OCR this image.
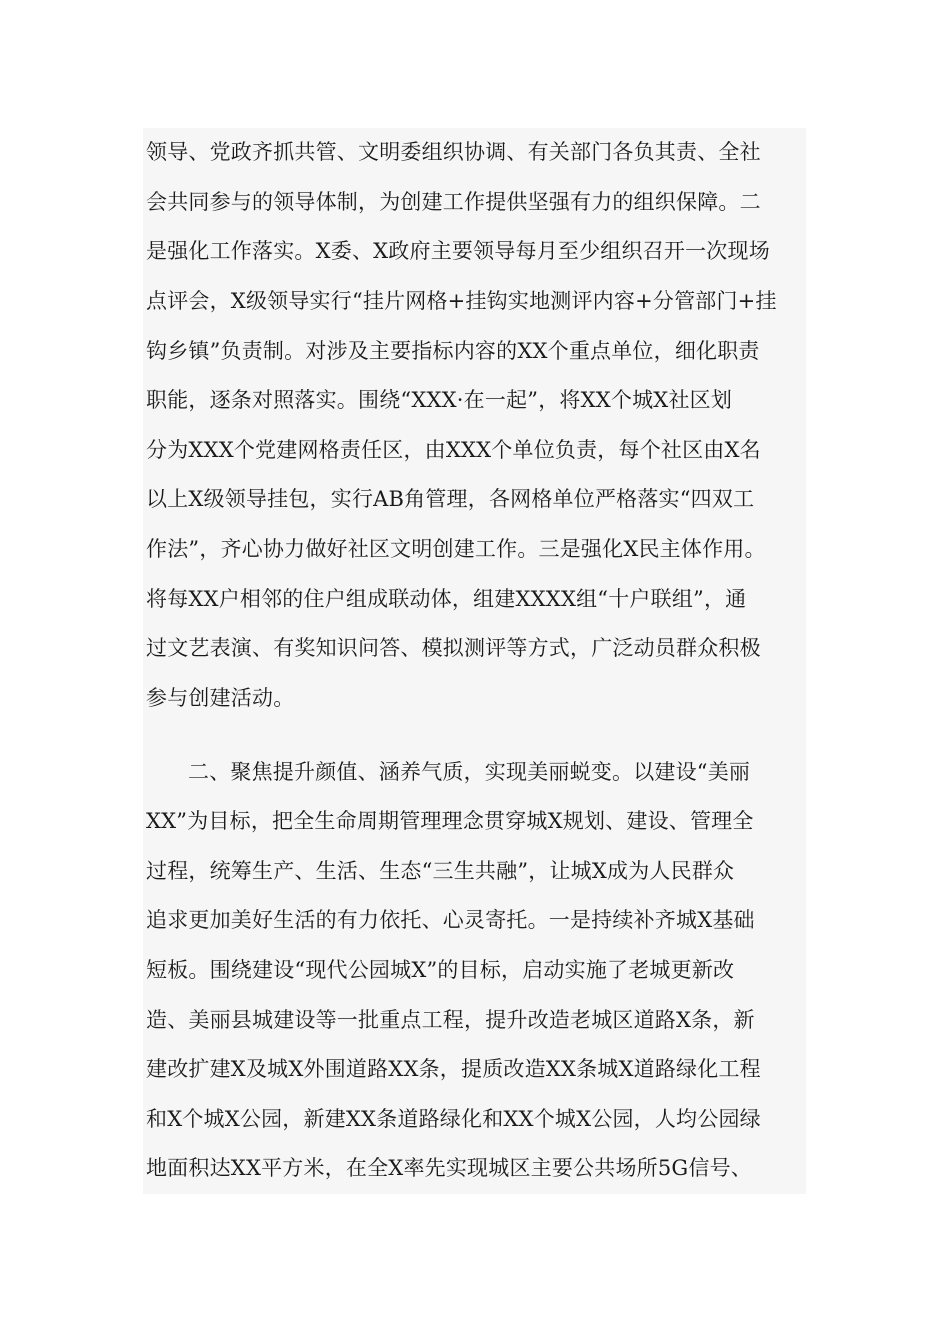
领导、党政齐抓共管、文明委组织协调、有关部门各负其责、全社
会共同参与的领导体制，为创建工作提供坚强有力的组织保障。二
是强化工作落实。X委、X政府主要领导每月至少组织召开一次现场
点评会，X级领导实行“挂片网格+挂钩实地测评内容+分管部门+挂
钩乡镇”负责制。对涉及主要指标内容的XX个重点单位，细化职责
职能，逐条对照落实。围绕“XXX·在一起”，将XX个城X社区划
分为XXX个党建网格责任区，由XXX个单位负责，每个社区由X名
以上X级领导挂包，实行AB角管理，各网格单位严格落实“四双工
作法”，齐心协力做好社区文明创建工作。三是强化X民主体作用。
将每XX户相邻的住户组成联动体，组建XXXX组“十户联组”，通
过文艺表演、有奖知识问答、模拟测评等方式，广泛动员群众积极
参与创建活动。
二、聚焦提升颜值、涵养气质，实现美丽蜕变。以建设“美丽
XX”为目标，把全生命周期管理理念贯穿城X规划、建设、管理全
过程，统筹生产、生活、生态“三生共融”，让城X成为人民群众
追求更加美好生活的有力依托、心灵寄托。一是持续补齐城X基础
短板。围绕建设“现代公园城X”的目标，启动实施了老城更新改
造、美丽县城建设等一批重点工程，提升改造老城区道路X条，新
建改扩建X及城X外围道路XX条，提质改造XX条城X道路绿化工程
和X个城X公园，新建XX条道路绿化和XX个城X公园，人均公园绿
地面积达XX平方米，在全X率先实现城区主要公共场所5G信号、
